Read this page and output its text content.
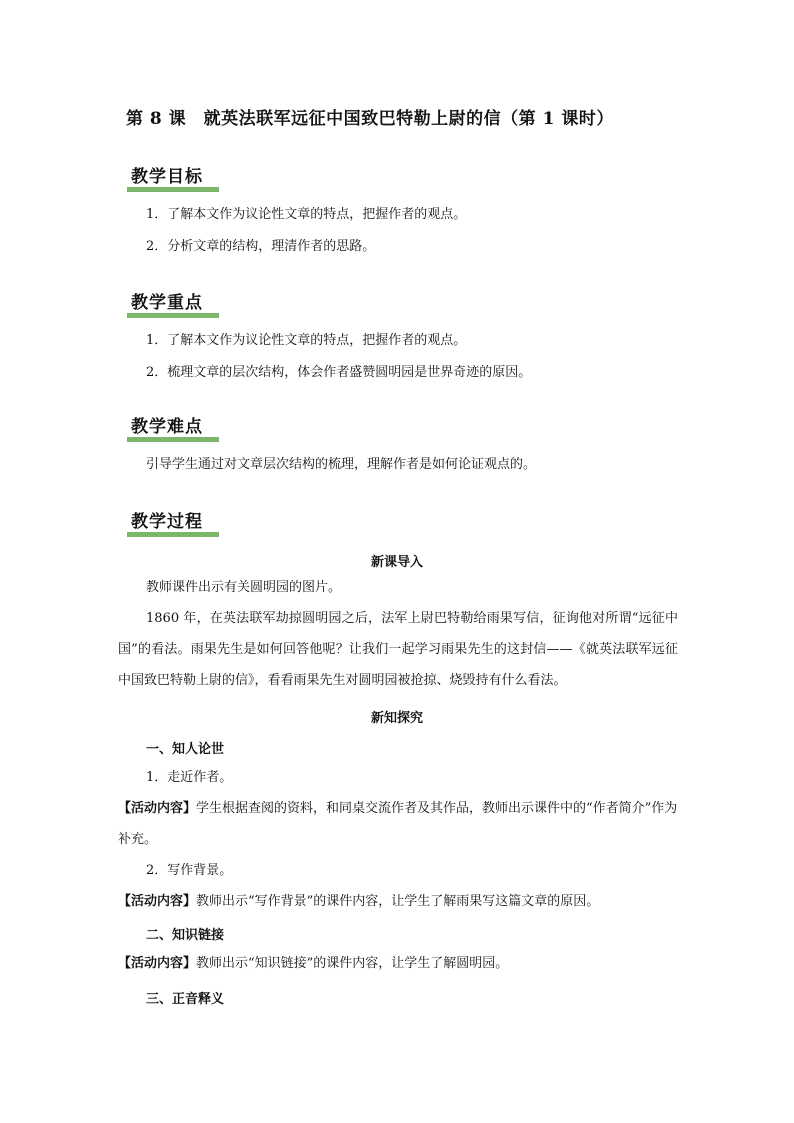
第 8 课　就英法联军远征中国致巴特勒上尉的信（第 1 课时）
教学目标
1．了解本文作为议论性文章的特点，把握作者的观点。
2．分析文章的结构，理清作者的思路。
教学重点
1．了解本文作为议论性文章的特点，把握作者的观点。
2．梳理文章的层次结构，体会作者盛赞圆明园是世界奇迹的原因。
教学难点
引导学生通过对文章层次结构的梳理，理解作者是如何论证观点的。
教学过程
新课导入
教师课件出示有关圆明园的图片。
1860 年，在英法联军劫掠圆明园之后，法军上尉巴特勒给雨果写信，征询他对所谓“远征中国”的看法。雨果先生是如何回答他呢？让我们一起学习雨果先生的这封信——《就英法联军远征中国致巴特勒上尉的信》，看看雨果先生对圆明园被抢掠、烧毁持有什么看法。
新知探究
一、知人论世
1．走近作者。
【活动内容】学生根据查阅的资料，和同桌交流作者及其作品，教师出示课件中的“作者简介”作为补充。
2．写作背景。
【活动内容】教师出示“写作背景”的课件内容，让学生了解雨果写这篇文章的原因。
二、知识链接
【活动内容】教师出示“知识链接”的课件内容，让学生了解圆明园。
三、正音释义
